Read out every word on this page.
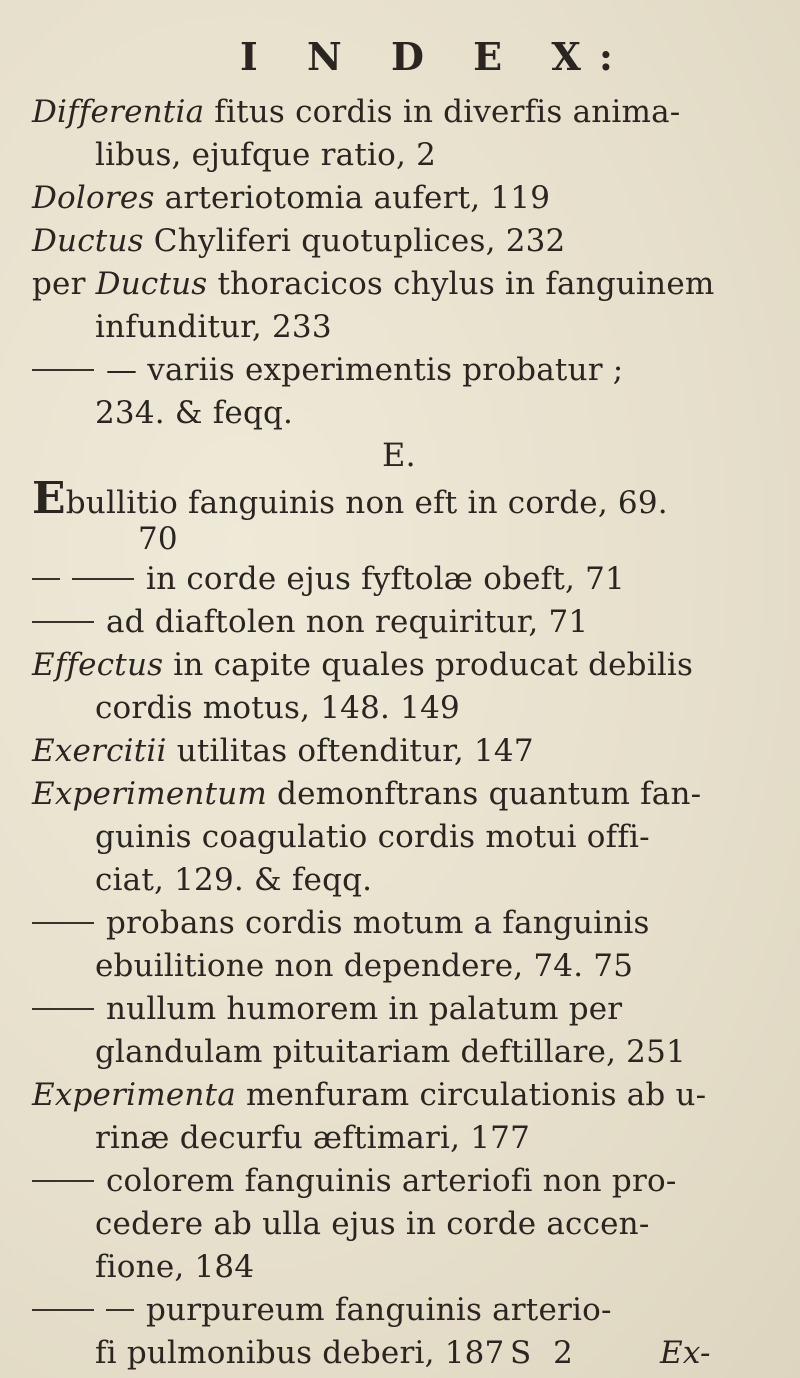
I N D E X:
Differentia fitus cordis in diverfis anima-
libus, ejufque ratio, 2
Dolores arteriotomia aufert, 119
Ductus Chyliferi quotuplices, 232
per Ductus thoracicos chylus in fanguinem
infunditur, 233
— variis experimentis probatur ;
234. & feqq.
E.
Ebullitio fanguinis non eft in corde, 69.
70
in corde ejus fyftolæ obeft, 71
ad diaftolen non requiritur, 71
Effectus in capite quales producat debilis
cordis motus, 148. 149
Exercitii utilitas oftenditur, 147
Experimentum demonftrans quantum fan-
guinis coagulatio cordis motui offi-
ciat, 129. & feqq.
probans cordis motum a fanguinis
ebuilitione non dependere, 74. 75
nullum humorem in palatum per
glandulam pituitariam deftillare, 251
Experimenta menfuram circulationis ab u-
rinæ decurfu æftimari, 177
colorem fanguinis arteriofi non pro-
cedere ab ulla ejus in corde accen-
fione, 184
purpureum fanguinis arterio-
fi pulmonibus deberi, 187 S 2	Ex-
